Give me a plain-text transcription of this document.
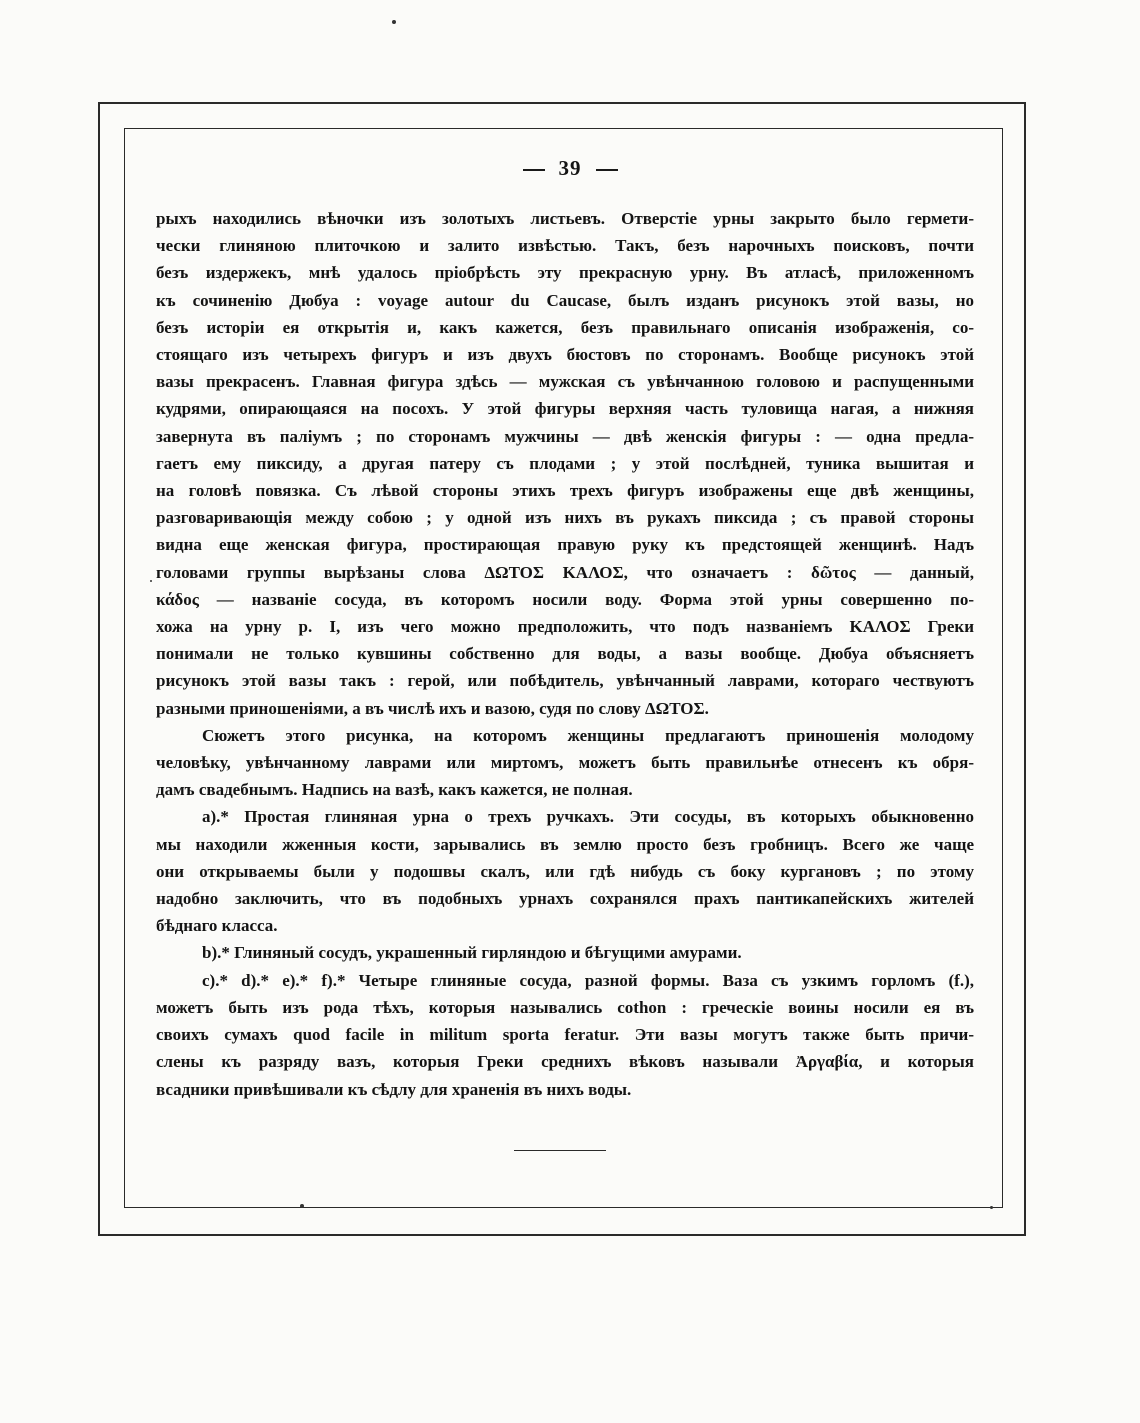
39

рыхъ находились вѣночки изъ золотыхъ листьевъ. Отверстіе урны закрыто было гермети-

чески глиняною плиточкою и залито извѣстью. Такъ, безъ нарочныхъ поисковъ, почти

безъ издержекъ, мнѣ удалось пріобрѣсть эту прекрасную урну. Въ атласѣ, приложенномъ

къ сочиненію Дюбуа : voyage autour du Caucase, былъ изданъ рисунокъ этой вазы, но

безъ исторіи ея открытія и, какъ кажется, безъ правильнаго описанія изображенія, со-

стоящаго изъ четырехъ фигуръ и изъ двухъ бюстовъ по сторонамъ. Вообще рисунокъ этой

вазы прекрасенъ. Главная фигура здѣсь — мужская съ увѣнчанною головою и распущенными

кудрями, опирающаяся на посохъ. У этой фигуры верхняя часть туловища нагая, а нижняя

завернута въ паліумъ ; по сторонамъ мужчины — двѣ женскія фигуры : — одна предла-

гаетъ ему пиксиду, а другая патеру съ плодами ; у этой послѣдней, туника вышитая и

на головѣ повязка. Съ лѣвой стороны этихъ трехъ фигуръ изображены еще двѣ женщины,

разговаривающія между собою ; у одной изъ нихъ въ рукахъ пиксида ; съ правой стороны

видна еще женская фигура, простирающая правую руку къ предстоящей женщинѣ. Надъ

головами группы вырѣзаны слова ΔΩΤΟΣ ΚΑΛΟΣ, что означаетъ : δῶτος — данный,

κάδος — названіе сосуда, въ которомъ носили воду. Форма этой урны совершенно по-

хожа на урну р. I, изъ чего можно предположить, что подъ названіемъ ΚΑΛΟΣ Греки

понимали не только кувшины собственно для воды, а вазы вообще. Дюбуа объясняетъ

рисунокъ этой вазы такъ : герой, или побѣдитель, увѣнчанный лаврами, котораго чествуютъ

разными приношеніями, а въ числѣ ихъ и вазою, судя по слову ΔΩΤΟΣ.

Сюжетъ этого рисунка, на которомъ женщины предлагаютъ приношенія молодому

человѣку, увѣнчанному лаврами или миртомъ, можетъ быть правильнѣе отнесенъ къ обря-

дамъ свадебнымъ. Надпись на вазѣ, какъ кажется, не полная.

а).* Простая глиняная урна о трехъ ручкахъ. Эти сосуды, въ которыхъ обыкновенно

мы находили жженныя кости, зарывались въ землю просто безъ гробницъ. Всего же чаще

они открываемы были у подошвы скалъ, или гдѣ нибудь съ боку кургановъ ; по этому

надобно заключить, что въ подобныхъ урнахъ сохранялся прахъ пантикапейскихъ жителей

бѣднаго класса.

b).* Глиняный сосудъ, украшенный гирляндою и бѣгущими амурами.

c).* d).* e).* f).* Четыре глиняные сосуда, разной формы. Ваза съ узкимъ горломъ (f.),

можетъ быть изъ рода тѣхъ, которыя назывались cothon : греческіе воины носили ея въ

своихъ сумахъ quod facile in militum sporta feratur. Эти вазы могутъ также быть причи-

слены къ разряду вазъ, которыя Греки среднихъ вѣковъ называли Ἀργαβία, и которыя

всадники привѣшивали къ сѣдлу для храненія въ нихъ воды.
